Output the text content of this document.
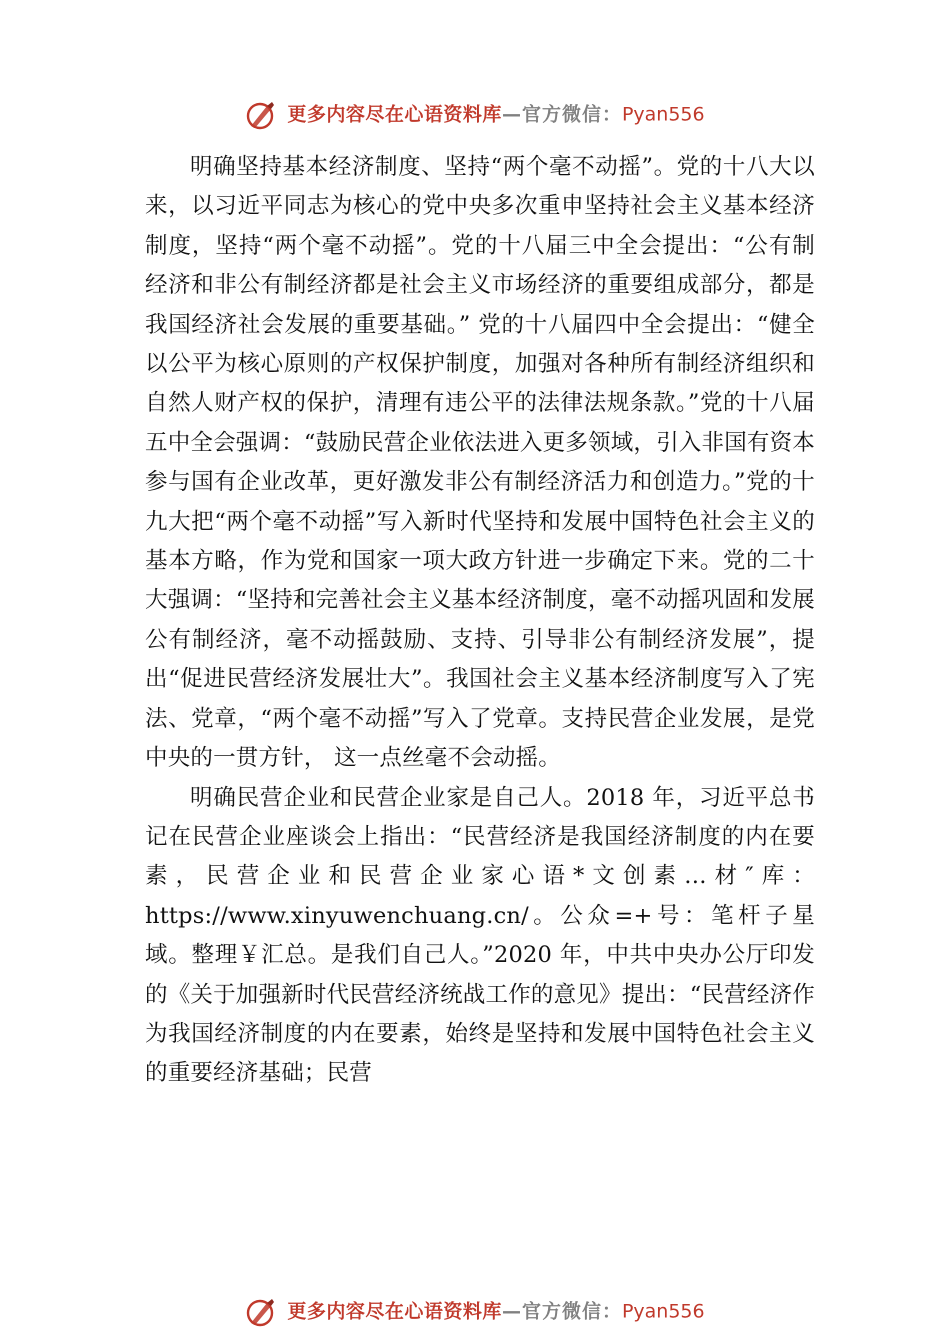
更多内容尽在心语资料库—官方微信：Pyan556

明确坚持基本经济制度、坚持“两个毫不动摇”。党的十八大以来，以习近平同志为核心的党中央多次重申坚持社会主义基本经济制度，坚持“两个毫不动摇”。党的十八届三中全会提出：“公有制经济和非公有制经济都是社会主义市场经济的重要组成部分，都是我国经济社会发展的重要基础。” 党的十八届四中全会提出：“健全以公平为核心原则的产权保护制度，加强对各种所有制经济组织和自然人财产权的保护，清理有违公平的法律法规条款。”党的十八届五中全会强调：“鼓励民营企业依法进入更多领域，引入非国有资本参与国有企业改革，更好激发非公有制经济活力和创造力。”党的十九大把“两个毫不动摇”写入新时代坚持和发展中国特色社会主义的基本方略，作为党和国家一项大政方针进一步确定下来。党的二十大强调：“坚持和完善社会主义基本经济制度，毫不动摇巩固和发展公有制经济，毫不动摇鼓励、支持、引导非公有制经济发展”，提出“促进民营经济发展壮大”。我国社会主义基本经济制度写入了宪法、党章，“两个毫不动摇”写入了党章。支持民营企业发展，是党中央的一贯方针， 这一点丝毫不会动摇。

明确民营企业和民营企业家是自己人。2018 年，习近平总书记在民营企业座谈会上指出：“民营经济是我国经济制度的内在要素，民营企业和民营企业家心语*文创素…材″库：https://www.xinyuwenchuang.cn/。公众=+号：笔杆子星域。整理￥汇总。是我们自己人。”2020 年，中共中央办公厅印发的《关于加强新时代民营经济统战工作的意见》提出：“民营经济作为我国经济制度的内在要素，始终是坚持和发展中国特色社会主义的重要经济基础；民营

更多内容尽在心语资料库—官方微信：Pyan556
